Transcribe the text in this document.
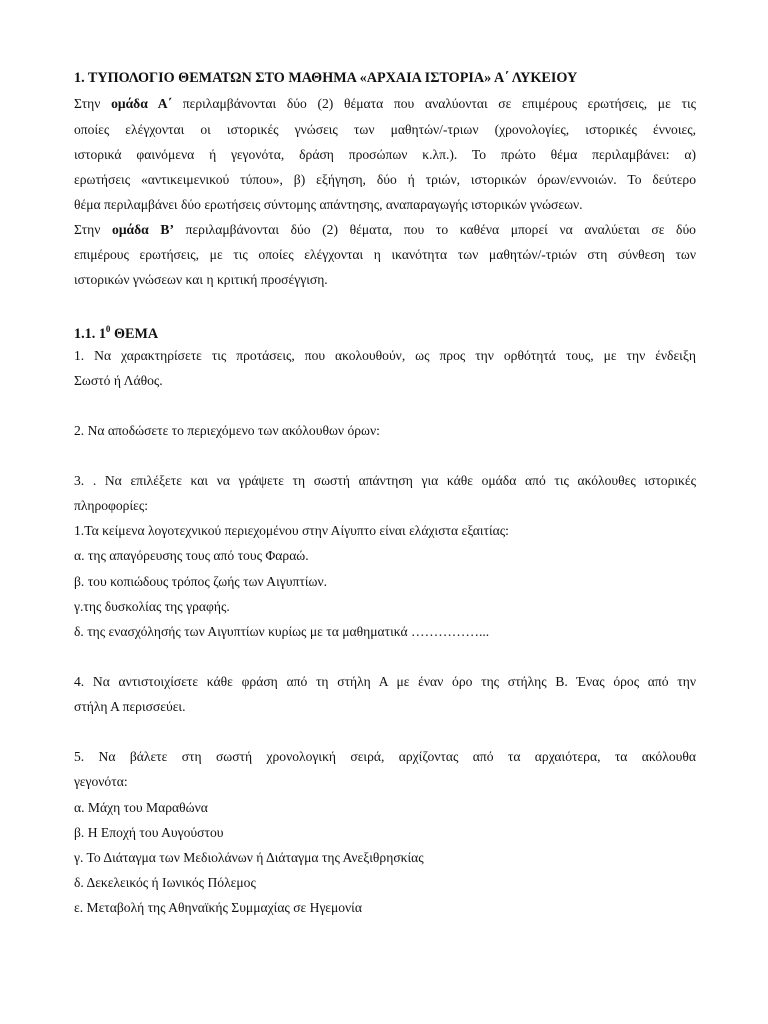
1. ΤΥΠΟΛΟΓΙΟ ΘΕΜΑΤΩΝ ΣΤΟ ΜΑΘΗΜΑ «ΑΡΧΑΙΑ ΙΣΤΟΡΙΑ» Α΄ ΛΥΚΕΙΟΥ
Στην ομάδα Α΄ περιλαμβάνονται δύο (2) θέματα που αναλύονται σε επιμέρους ερωτήσεις, με τις
οποίες ελέγχονται οι ιστορικές γνώσεις των μαθητών/-τριων (χρονολογίες, ιστορικές έννοιες,
ιστορικά φαινόμενα ή γεγονότα, δράση προσώπων κ.λπ.). Το πρώτο θέμα περιλαμβάνει: α)
ερωτήσεις «αντικειμενικού τύπου», β) εξήγηση, δύο ή τριών, ιστορικών όρων/εννοιών. Το δεύτερο
θέμα περιλαμβάνει δύο ερωτήσεις σύντομης απάντησης, αναπαραγωγής ιστορικών γνώσεων.
Στην ομάδα Β’ περιλαμβάνονται δύο (2) θέματα, που το καθένα μπορεί να αναλύεται σε δύο
επιμέρους ερωτήσεις, με τις οποίες ελέγχονται η ικανότητα των μαθητών/-τριών στη σύνθεση των
ιστορικών γνώσεων και η κριτική προσέγγιση.
1.1. $1^0$ ΘΕΜΑ
1. Να χαρακτηρίσετε τις προτάσεις, που ακολουθούν, ως προς την ορθότητά τους, με την ένδειξη
Σωστό ή Λάθος.
2. Να αποδώσετε το περιεχόμενο των ακόλουθων όρων:
3. . Να επιλέξετε και να γράψετε τη σωστή απάντηση για κάθε ομάδα από τις ακόλουθες ιστορικές
πληροφορίες:
1.Τα κείμενα λογοτεχνικού περιεχομένου στην Αίγυπτο είναι ελάχιστα εξαιτίας:
α. της απαγόρευσης τους από τους Φαραώ.
β. του κοπιώδους τρόπος ζωής των Αιγυπτίων.
γ.της δυσκολίας της γραφής.
δ. της ενασχόλησής των Αιγυπτίων κυρίως με τα μαθηματικά ……………...
4. Να αντιστοιχίσετε κάθε φράση από τη στήλη Α με έναν όρο της στήλης Β. Ένας όρος από την
στήλη Α περισσεύει.
5. Να βάλετε στη σωστή χρονολογική σειρά, αρχίζοντας από τα αρχαιότερα, τα ακόλουθα
γεγονότα:
α. Μάχη του Μαραθώνα
β. Η Εποχή του Αυγούστου
γ. Το Διάταγμα των Μεδιολάνων ή Διάταγμα της Ανεξιθρησκίας
δ. Δεκελεικός ή Ιωνικός Πόλεμος
ε. Μεταβολή της Αθηναϊκής Συμμαχίας σε Ηγεμονία
